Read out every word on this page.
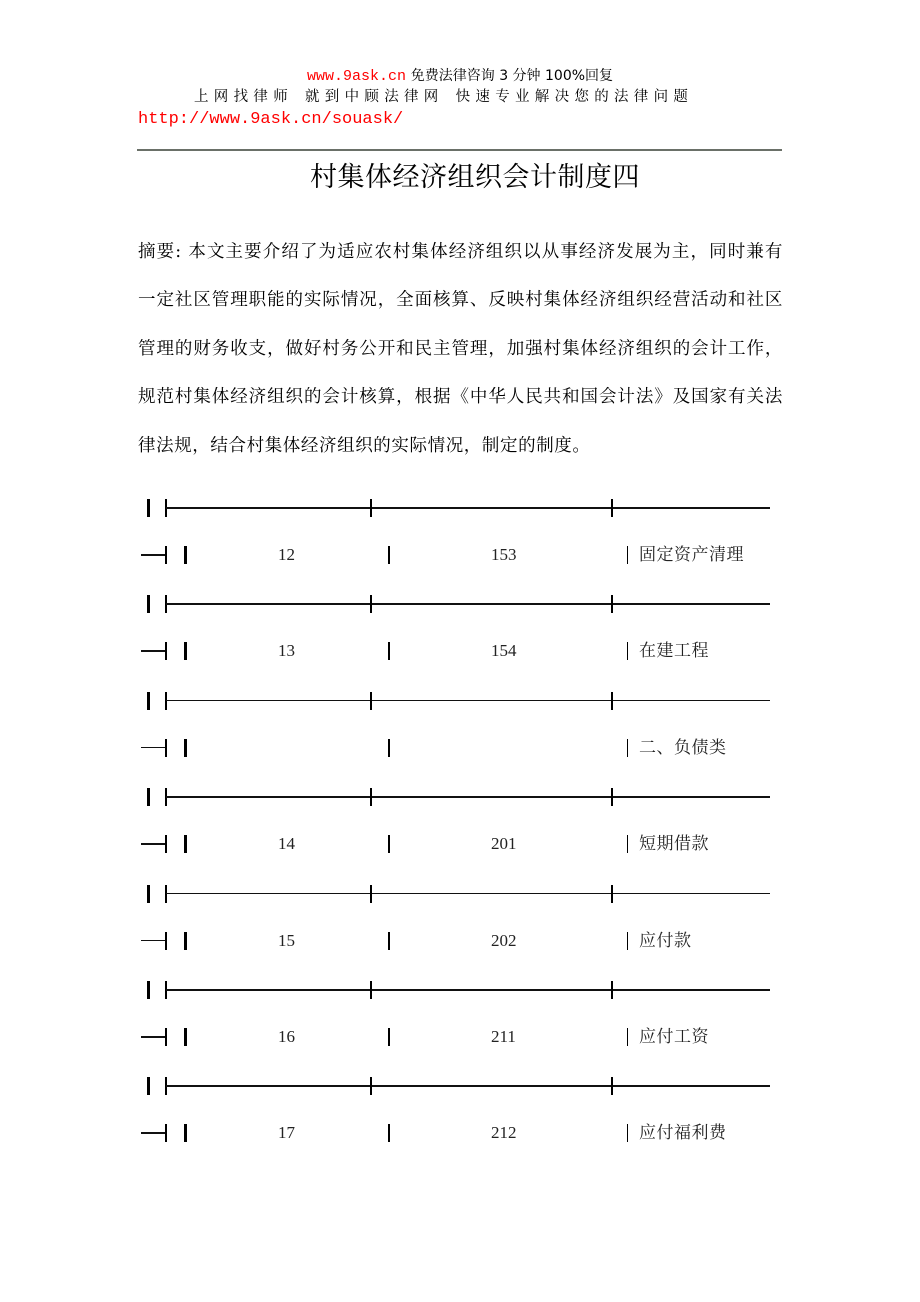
www.9ask.cn 免费法律咨询 3 分钟 100%回复
上网找律师 就到中顾法律网 快速专业解决您的法律问题
http://www.9ask.cn/souask/
村集体经济组织会计制度四
摘要: 本文主要介绍了为适应农村集体经济组织以从事经济发展为主，同时兼有一定社区管理职能的实际情况，全面核算、反映村集体经济组织经营活动和社区管理的财务收支，做好村务公开和民主管理，加强村集体经济组织的会计工作，规范村集体经济组织的会计核算，根据《中华人民共和国会计法》及国家有关法律法规，结合村集体经济组织的实际情况，制定的制度。
12	153	固定资产清理
13	154	在建工程
二、负债类
14	201	短期借款
15	202	应付款
16	211	应付工资
17	212	应付福利费
